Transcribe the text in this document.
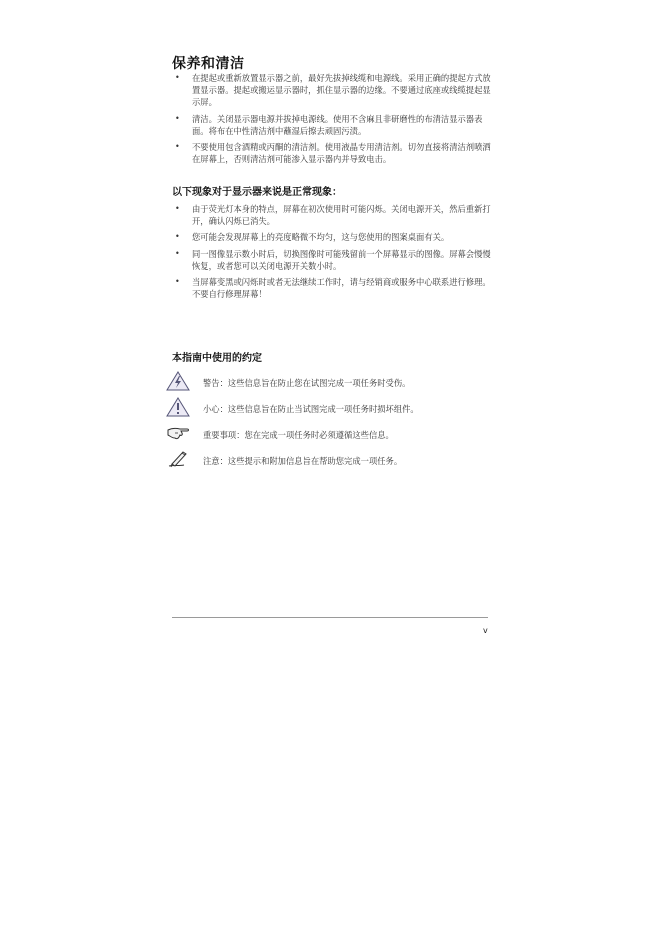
保养和清洁
• 在提起或重新放置显示器之前，最好先拔掉线缆和电源线。采用正确的提起方式放置显示器。提起或搬运显示器时，抓住显示器的边缘。不要通过底座或线缆提起显示屏。
• 清洁。关闭显示器电源并拔掉电源线。使用不含麻且非研磨性的布清洁显示器表面。将布在中性清洁剂中蘸湿后擦去顽固污渍。
• 不要使用包含酒精或丙酮的清洁剂。使用液晶专用清洁剂。切勿直接将清洁剂喷洒在屏幕上，否则清洁剂可能渗入显示器内并导致电击。
以下现象对于显示器来说是正常现象：
• 由于荧光灯本身的特点，屏幕在初次使用时可能闪烁。关闭电源开关，然后重新打开，确认闪烁已消失。
• 您可能会发现屏幕上的亮度略微不均匀，这与您使用的图案桌面有关。
• 同一图像显示数小时后，切换图像时可能残留前一个屏幕显示的图像。屏幕会慢慢恢复，或者您可以关闭电源开关数小时。
• 当屏幕变黑或闪烁时或者无法继续工作时，请与经销商或服务中心联系进行修理。不要自行修理屏幕！
本指南中使用的约定
警告：这些信息旨在防止您在试图完成一项任务时受伤。
小心：这些信息旨在防止当试图完成一项任务时损坏组件。
重要事项：您在完成一项任务时必须遵循这些信息。
注意：这些提示和附加信息旨在帮助您完成一项任务。
v
